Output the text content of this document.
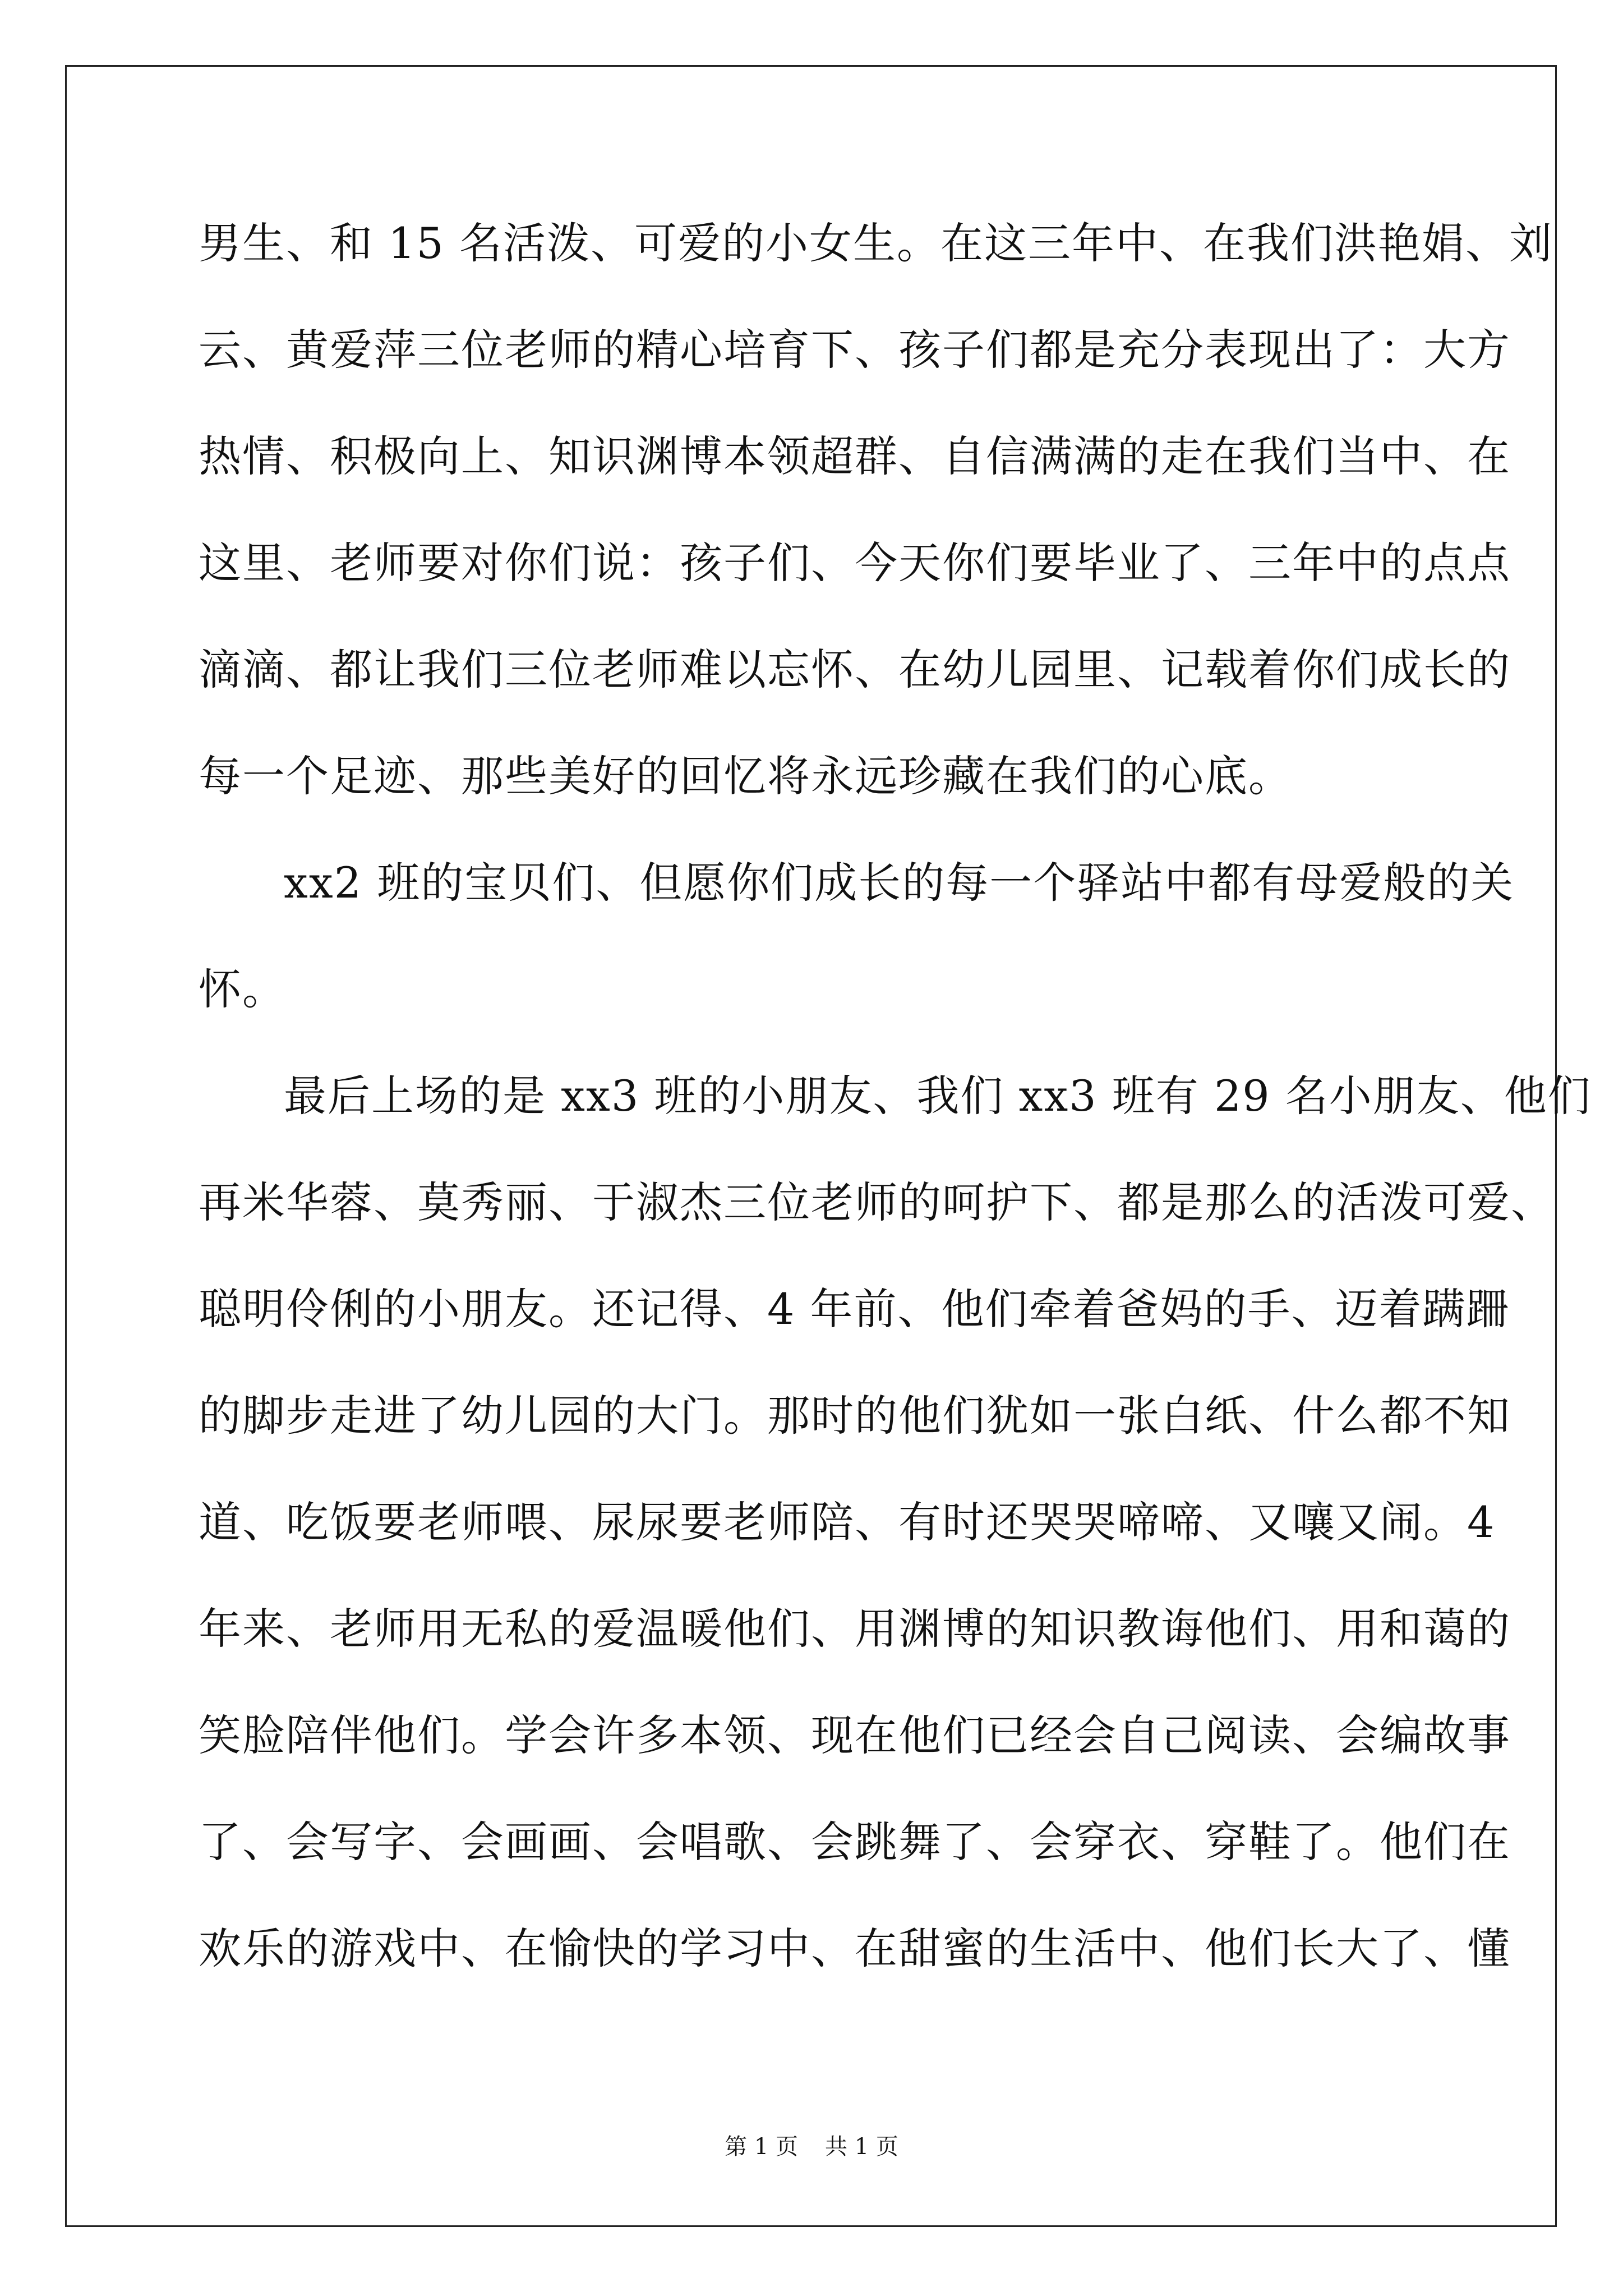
男生、和 15 名活泼、可爱的小女生。在这三年中、在我们洪艳娟、刘
云、黄爱萍三位老师的精心培育下、孩子们都是充分表现出了：大方
热情、积极向上、知识渊博本领超群、自信满满的走在我们当中、在
这里、老师要对你们说：孩子们、今天你们要毕业了、三年中的点点
滴滴、都让我们三位老师难以忘怀、在幼儿园里、记载着你们成长的
每一个足迹、那些美好的回忆将永远珍藏在我们的心底。
xx2 班的宝贝们、但愿你们成长的每一个驿站中都有母爱般的关
怀。
最后上场的是 xx3 班的小朋友、我们 xx3 班有 29 名小朋友、他们
再米华蓉、莫秀丽、于淑杰三位老师的呵护下、都是那么的活泼可爱、
聪明伶俐的小朋友。还记得、4 年前、他们牵着爸妈的手、迈着蹒跚
的脚步走进了幼儿园的大门。那时的他们犹如一张白纸、什么都不知
道、吃饭要老师喂、尿尿要老师陪、有时还哭哭啼啼、又嚷又闹。4
年来、老师用无私的爱温暖他们、用渊博的知识教诲他们、用和蔼的
笑脸陪伴他们。学会许多本领、现在他们已经会自己阅读、会编故事
了、会写字、会画画、会唱歌、会跳舞了、会穿衣、穿鞋了。他们在
欢乐的游戏中、在愉快的学习中、在甜蜜的生活中、他们长大了、懂
第 1 页 共 1 页
